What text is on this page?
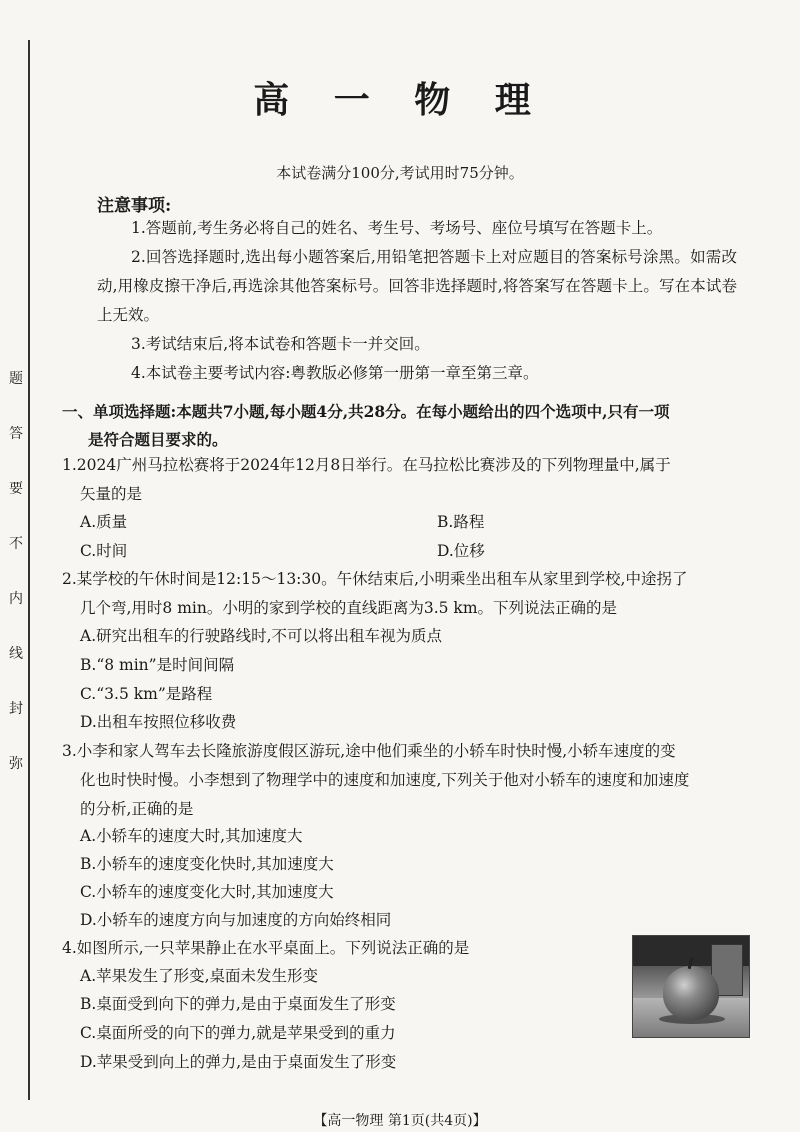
题
答
要
不
内
线
封
弥
高 一 物 理
本试卷满分100分,考试用时75分钟。
注意事项:
1.答题前,考生务必将自己的姓名、考生号、考场号、座位号填写在答题卡上。
2.回答选择题时,选出每小题答案后,用铅笔把答题卡上对应题目的答案标号涂黑。如需改动,用橡皮擦干净后,再选涂其他答案标号。回答非选择题时,将答案写在答题卡上。写在本试卷上无效。
3.考试结束后,将本试卷和答题卡一并交回。
4.本试卷主要考试内容:粤教版必修第一册第一章至第三章。
一、单项选择题:本题共7小题,每小题4分,共28分。在每小题给出的四个选项中,只有一项
是符合题目要求的。
1.2024广州马拉松赛将于2024年12月8日举行。在马拉松比赛涉及的下列物理量中,属于
矢量的是
A.质量	B.路程
C.时间	D.位移
2.某学校的午休时间是12:15～13:30。午休结束后,小明乘坐出租车从家里到学校,中途拐了
几个弯,用时8 min。小明的家到学校的直线距离为3.5 km。下列说法正确的是
A.研究出租车的行驶路线时,不可以将出租车视为质点
B.“8 min”是时间间隔
C.“3.5 km”是路程
D.出租车按照位移收费
3.小李和家人驾车去长隆旅游度假区游玩,途中他们乘坐的小轿车时快时慢,小轿车速度的变
化也时快时慢。小李想到了物理学中的速度和加速度,下列关于他对小轿车的速度和加速度
的分析,正确的是
A.小轿车的速度大时,其加速度大
B.小轿车的速度变化快时,其加速度大
C.小轿车的速度变化大时,其加速度大
D.小轿车的速度方向与加速度的方向始终相同
4.如图所示,一只苹果静止在水平桌面上。下列说法正确的是
A.苹果发生了形变,桌面未发生形变
B.桌面受到向下的弹力,是由于桌面发生了形变
C.桌面所受的向下的弹力,就是苹果受到的重力
D.苹果受到向上的弹力,是由于桌面发生了形变
【高一物理 第1页(共4页)】
